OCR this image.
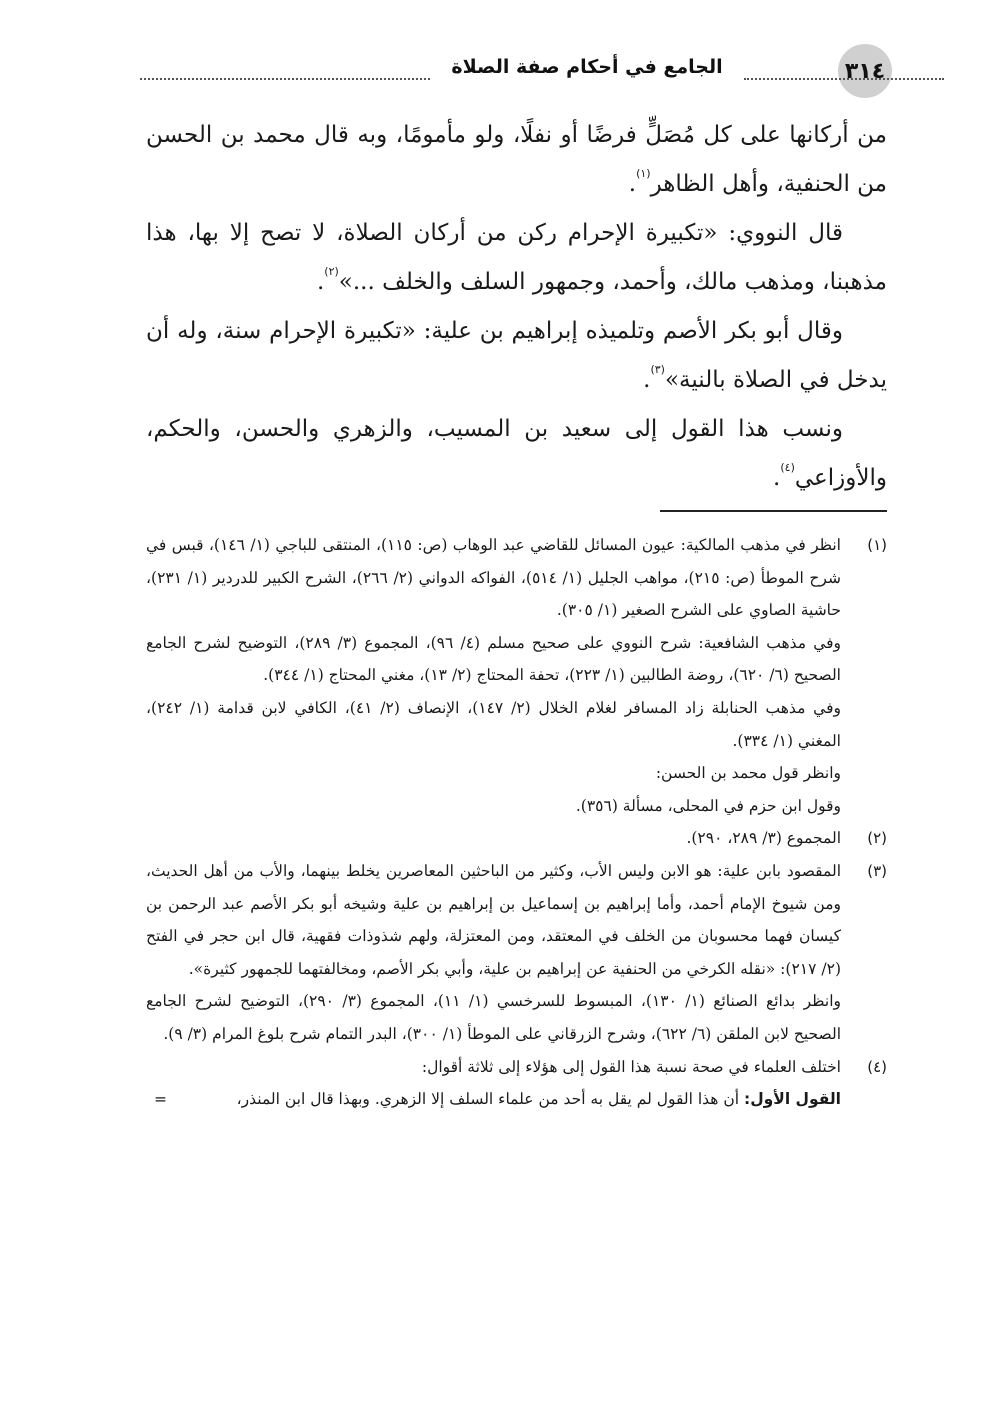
٣١٤
الجامع في أحكام صفة الصلاة

من أركانها على كل مُصَلٍّ فرضًا أو نفلًا، ولو مأمومًا، وبه قال محمد بن الحسن من الحنفية، وأهل الظاهر$^{(١)}$.

قال النووي: «تكبيرة الإحرام ركن من أركان الصلاة، لا تصح إلا بها، هذا مذهبنا، ومذهب مالك، وأحمد، وجمهور السلف والخلف ...»$^{(٢)}$.

وقال أبو بكر الأصم وتلميذه إبراهيم بن علية: «تكبيرة الإحرام سنة، وله أن يدخل في الصلاة بالنية»$^{(٣)}$.

ونسب هذا القول إلى سعيد بن المسيب، والزهري والحسن، والحكم، والأوزاعي$^{(٤)}$.

(١)

انظر في مذهب المالكية: عيون المسائل للقاضي عبد الوهاب (ص: ١١٥)، المنتقى للباجي (١/ ١٤٦)، قبس في شرح الموطأ (ص: ٢١٥)، مواهب الجليل (١/ ٥١٤)، الفواكه الدواني (٢/ ٢٦٦)، الشرح الكبير للدردير (١/ ٢٣١)، حاشية الصاوي على الشرح الصغير (١/ ٣٠٥).

وفي مذهب الشافعية: شرح النووي على صحيح مسلم (٤/ ٩٦)، المجموع (٣/ ٢٨٩)، التوضيح لشرح الجامع الصحيح (٦/ ٦٢٠)، روضة الطالبين (١/ ٢٢٣)، تحفة المحتاج (٢/ ١٣)، مغني المحتاج (١/ ٣٤٤).

وفي مذهب الحنابلة زاد المسافر لغلام الخلال (٢/ ١٤٧)، الإنصاف (٢/ ٤١)، الكافي لابن قدامة (١/ ٢٤٢)، المغني (١/ ٣٣٤).

وانظر قول محمد بن الحسن:

وقول ابن حزم في المحلى، مسألة (٣٥٦).

(٢)

المجموع (٣/ ٢٨٩، ٢٩٠).

(٣)

المقصود بابن علية: هو الابن وليس الأب، وكثير من الباحثين المعاصرين يخلط بينهما، والأب من أهل الحديث، ومن شيوخ الإمام أحمد، وأما إبراهيم بن إسماعيل بن إبراهيم بن علية وشيخه أبو بكر الأصم عبد الرحمن بن كيسان فهما محسوبان من الخلف في المعتقد، ومن المعتزلة، ولهم شذوذات فقهية، قال ابن حجر في الفتح (٢/ ٢١٧): «نقله الكرخي من الحنفية عن إبراهيم بن علية، وأبي بكر الأصم، ومخالفتهما للجمهور كثيرة».

وانظر بدائع الصنائع (١/ ١٣٠)، المبسوط للسرخسي (١/ ١١)، المجموع (٣/ ٢٩٠)، التوضيح لشرح الجامع الصحيح لابن الملقن (٦/ ٦٢٢)، وشرح الزرقاني على الموطأ (١/ ٣٠٠)، البدر التمام شرح بلوغ المرام (٣/ ٩).

(٤)

اختلف العلماء في صحة نسبة هذا القول إلى هؤلاء إلى ثلاثة أقوال:

القول الأول: أن هذا القول لم يقل به أحد من علماء السلف إلا الزهري. وبهذا قال ابن المنذر،
=
